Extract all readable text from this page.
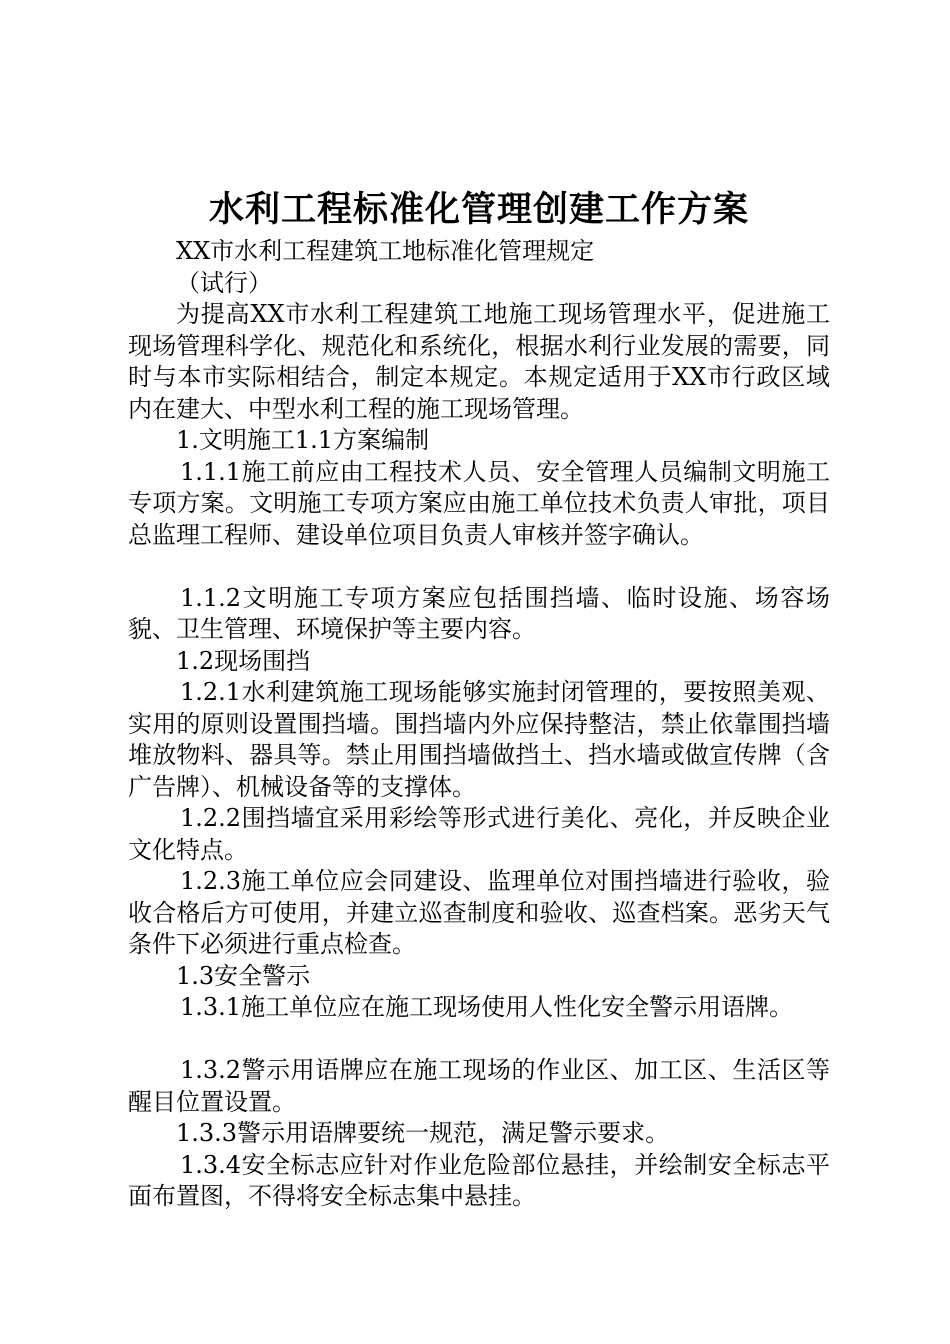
水利工程标准化管理创建工作方案

XX市水利工程建筑工地标准化管理规定

（试行）

为提高XX市水利工程建筑工地施工现场管理水平，促进施工现场管理科学化、规范化和系统化，根据水利行业发展的需要，同时与本市实际相结合，制定本规定。本规定适用于XX市行政区域内在建大、中型水利工程的施工现场管理。

1.文明施工1.1方案编制

1.1.1施工前应由工程技术人员、安全管理人员编制文明施工专项方案。文明施工专项方案应由施工单位技术负责人审批，项目总监理工程师、建设单位项目负责人审核并签字确认。

1.1.2文明施工专项方案应包括围挡墙、临时设施、场容场貌、卫生管理、环境保护等主要内容。

1.2现场围挡

1.2.1水利建筑施工现场能够实施封闭管理的，要按照美观、实用的原则设置围挡墙。围挡墙内外应保持整洁，禁止依靠围挡墙堆放物料、器具等。禁止用围挡墙做挡土、挡水墙或做宣传牌（含广告牌）、机械设备等的支撑体。

1.2.2围挡墙宜采用彩绘等形式进行美化、亮化，并反映企业文化特点。

1.2.3施工单位应会同建设、监理单位对围挡墙进行验收，验收合格后方可使用，并建立巡查制度和验收、巡查档案。恶劣天气条件下必须进行重点检查。

1.3安全警示

1.3.1施工单位应在施工现场使用人性化安全警示用语牌。

1.3.2警示用语牌应在施工现场的作业区、加工区、生活区等醒目位置设置。

1.3.3警示用语牌要统一规范，满足警示要求。

1.3.4安全标志应针对作业危险部位悬挂，并绘制安全标志平面布置图，不得将安全标志集中悬挂。
